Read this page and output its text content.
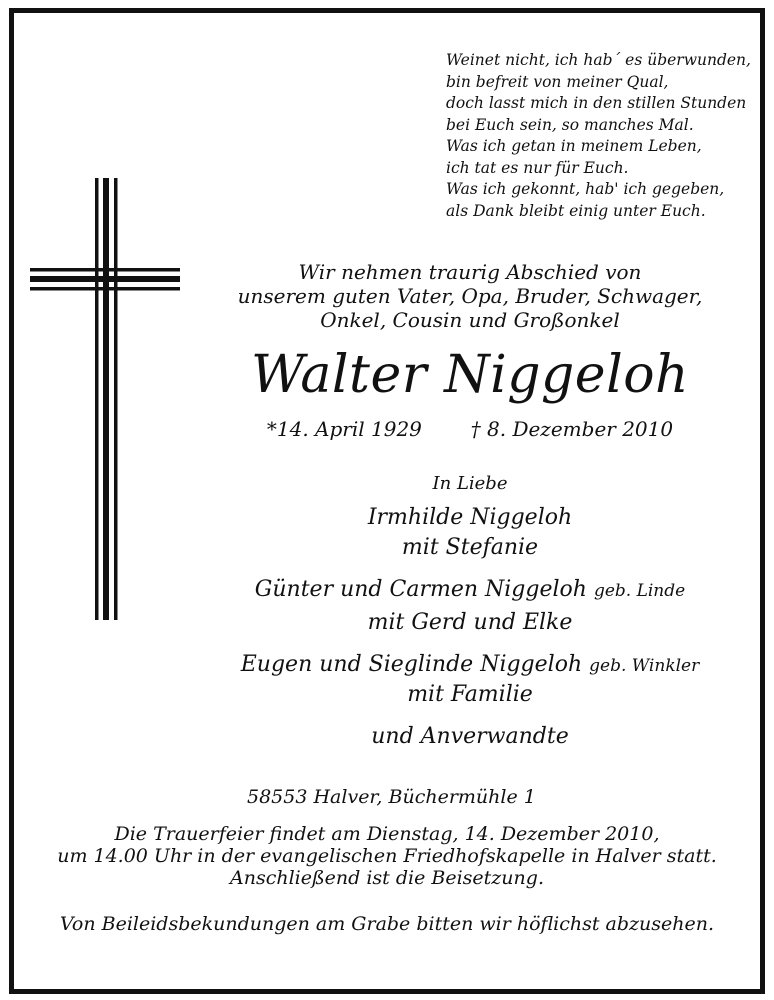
Weinet nicht, ich hab´ es überwunden,
bin befreit von meiner Qual,
doch lasst mich in den stillen Stunden
bei Euch sein, so manches Mal.
Was ich getan in meinem Leben,
ich tat es nur für Euch.
Was ich gekonnt, hab' ich gegeben,
als Dank bleibt einig unter Euch.
Wir nehmen traurig Abschied von
unserem guten Vater, Opa, Bruder, Schwager,
Onkel, Cousin und Großonkel
Walter Niggeloh
*14. April 1929 † 8. Dezember 2010
In Liebe
Irmhilde Niggeloh
mit Stefanie
Günter und Carmen Niggeloh geb. Linde
mit Gerd und Elke
Eugen und Sieglinde Niggeloh geb. Winkler
mit Familie
und Anverwandte
58553 Halver, Büchermühle 1
Die Trauerfeier findet am Dienstag, 14. Dezember 2010,
um 14.00 Uhr in der evangelischen Friedhofskapelle in Halver statt.
Anschließend ist die Beisetzung.
Von Beileidsbekundungen am Grabe bitten wir höflichst abzusehen.
